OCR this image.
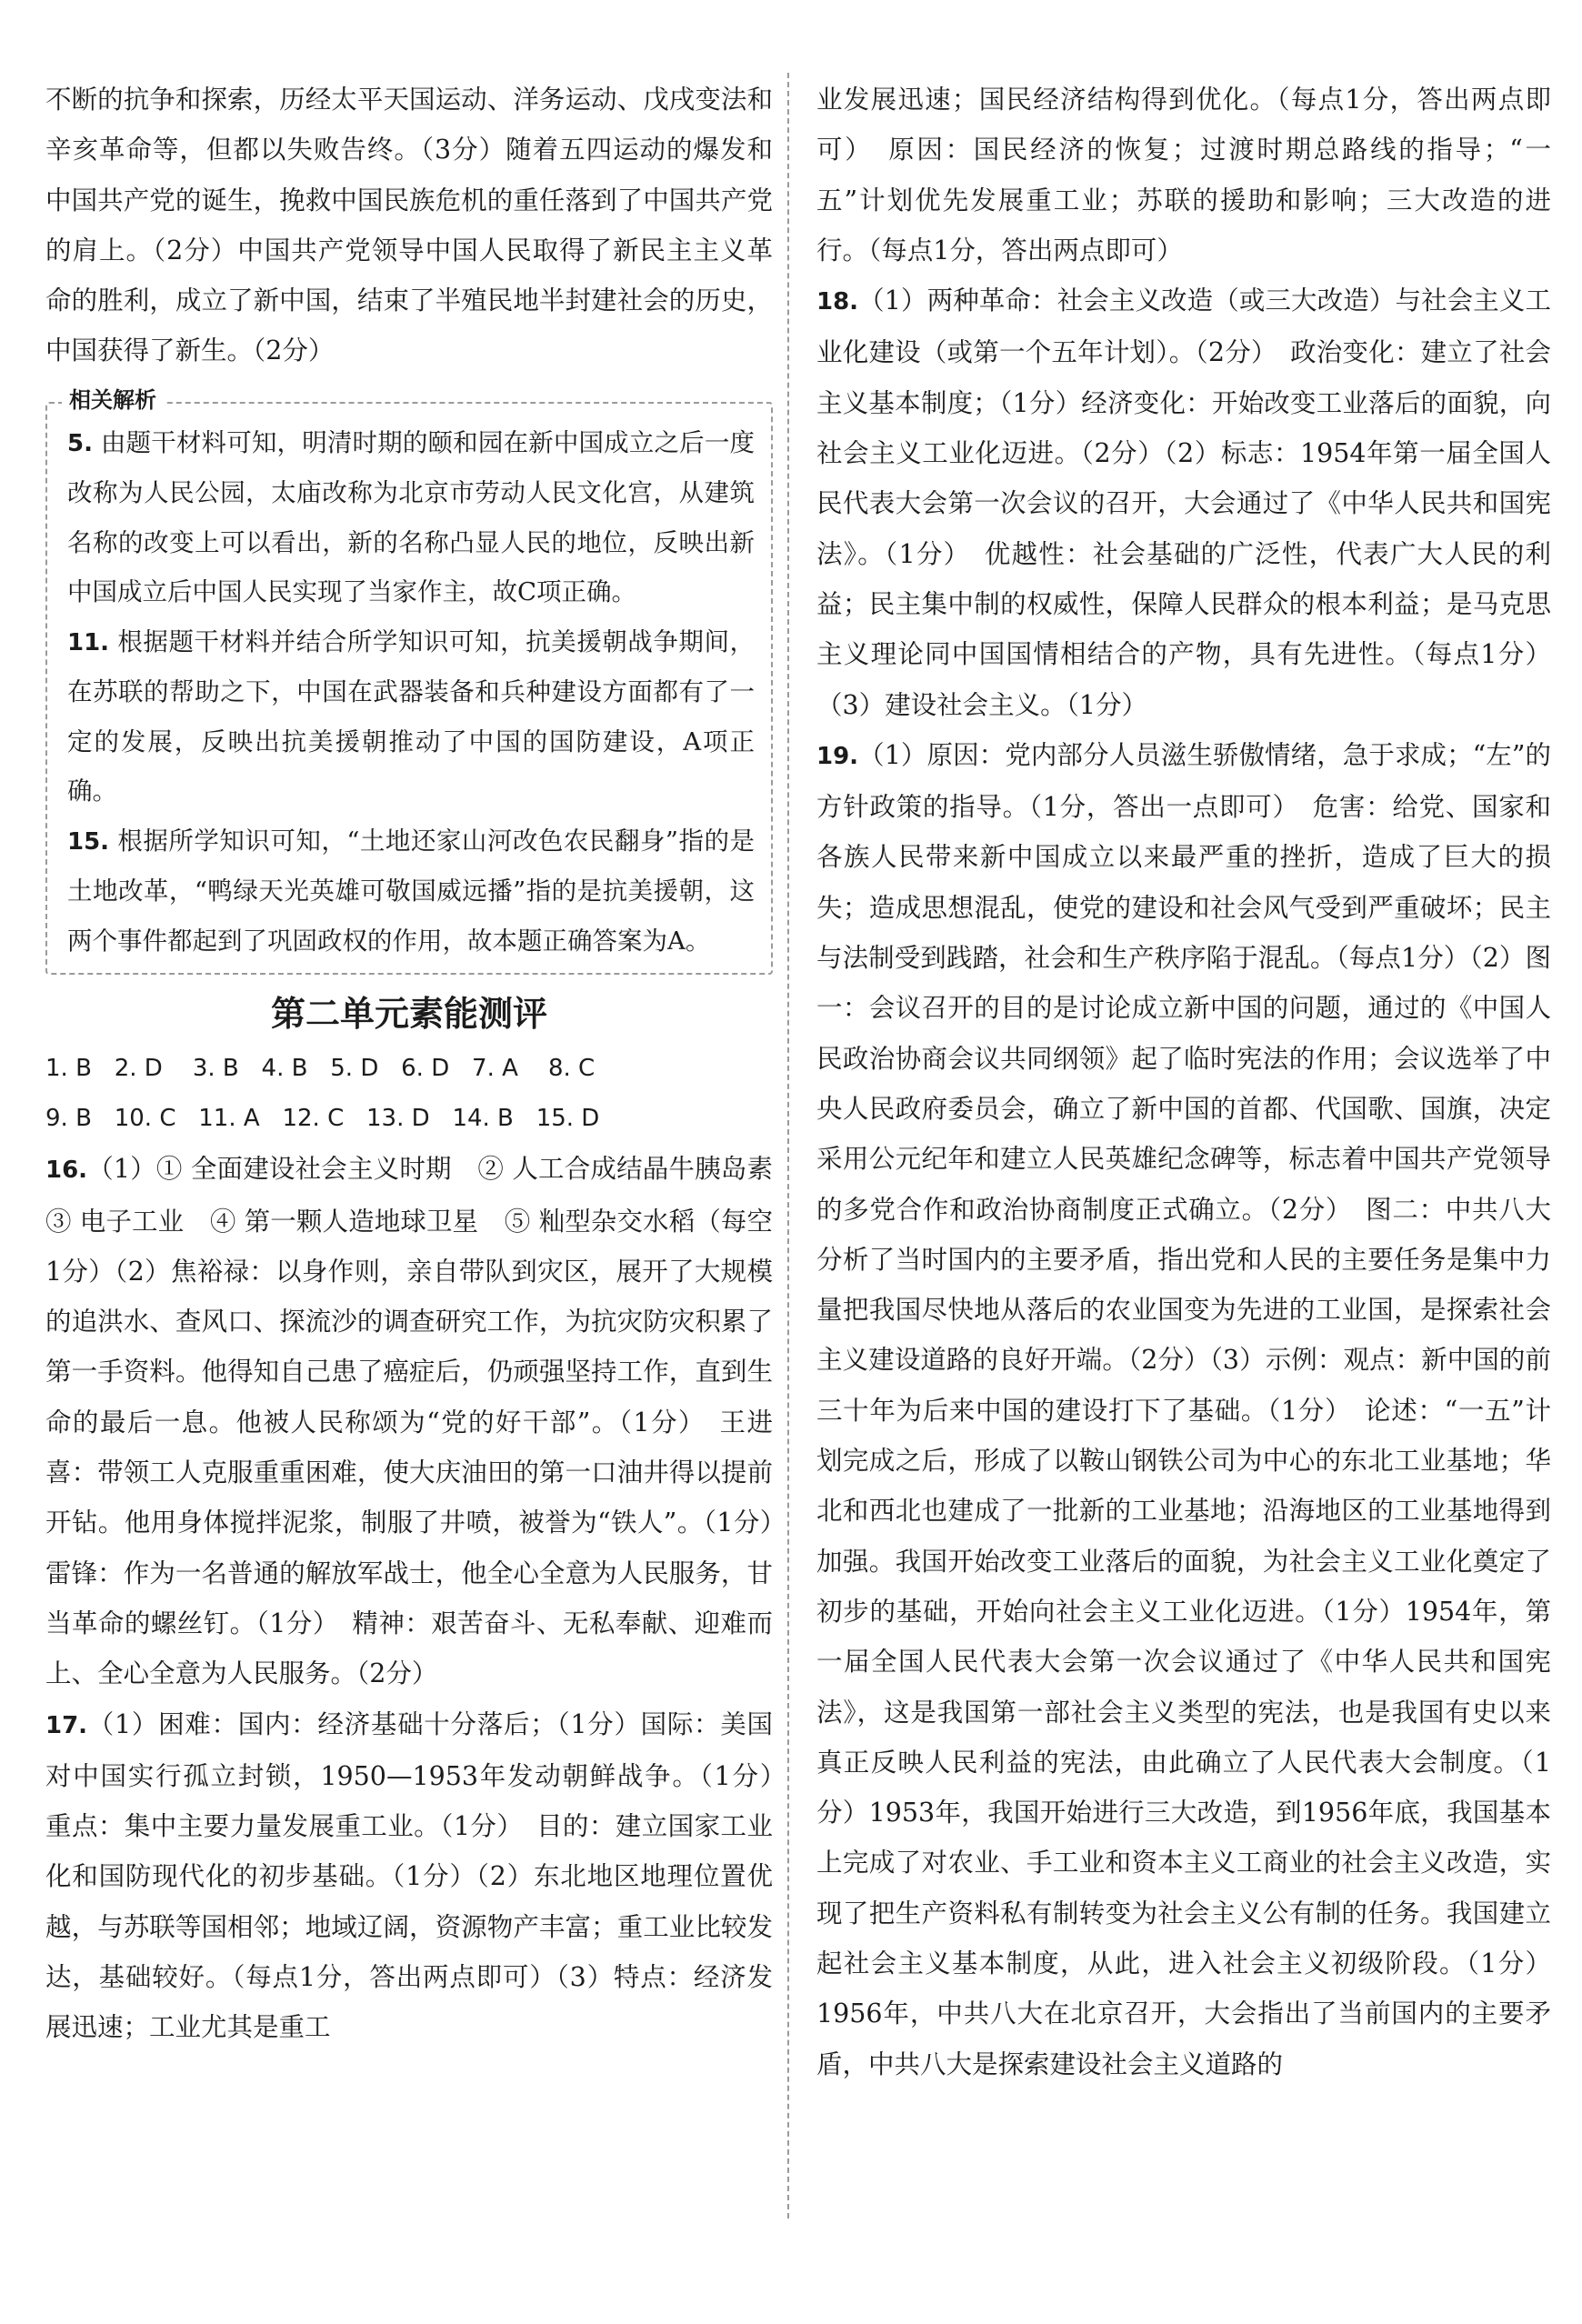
不断的抗争和探索，历经太平天国运动、洋务运动、戊戌变法和辛亥革命等，但都以失败告终。（3分）随着五四运动的爆发和中国共产党的诞生，挽救中国民族危机的重任落到了中国共产党的肩上。（2分）中国共产党领导中国人民取得了新民主主义革命的胜利，成立了新中国，结束了半殖民地半封建社会的历史，中国获得了新生。（2分）

相关解析

5. 由题干材料可知，明清时期的颐和园在新中国成立之后一度改称为人民公园，太庙改称为北京市劳动人民文化宫，从建筑名称的改变上可以看出，新的名称凸显人民的地位，反映出新中国成立后中国人民实现了当家作主，故C项正确。

11. 根据题干材料并结合所学知识可知，抗美援朝战争期间，在苏联的帮助之下，中国在武器装备和兵种建设方面都有了一定的发展，反映出抗美援朝推动了中国的国防建设，A项正确。

15. 根据所学知识可知，“土地还家山河改色农民翻身”指的是土地改革，“鸭绿天光英雄可敬国威远播”指的是抗美援朝，这两个事件都起到了巩固政权的作用，故本题正确答案为A。

第二单元素能测评
1. B   2. D    3. B   4. B   5. D   6. D   7. A    8. C
9. B   10. C   11. A   12. C   13. D   14. B   15. D

16.（1）① 全面建设社会主义时期　② 人工合成结晶牛胰岛素　③ 电子工业　④ 第一颗人造地球卫星　⑤ 籼型杂交水稻（每空1分）（2）焦裕禄：以身作则，亲自带队到灾区，展开了大规模的追洪水、查风口、探流沙的调查研究工作，为抗灾防灾积累了第一手资料。他得知自己患了癌症后，仍顽强坚持工作，直到生命的最后一息。他被人民称颂为“党的好干部”。（1分）　王进喜：带领工人克服重重困难，使大庆油田的第一口油井得以提前开钻。他用身体搅拌泥浆，制服了井喷，被誉为“铁人”。（1分）　雷锋：作为一名普通的解放军战士，他全心全意为人民服务，甘当革命的螺丝钉。（1分）　精神：艰苦奋斗、无私奉献、迎难而上、全心全意为人民服务。（2分）

17.（1）困难：国内：经济基础十分落后；（1分）国际：美国对中国实行孤立封锁，1950—1953年发动朝鲜战争。（1分）　重点：集中主要力量发展重工业。（1分）　目的：建立国家工业化和国防现代化的初步基础。（1分）（2）东北地区地理位置优越，与苏联等国相邻；地域辽阔，资源物产丰富；重工业比较发达，基础较好。（每点1分，答出两点即可）（3）特点：经济发展迅速；工业尤其是重工

业发展迅速；国民经济结构得到优化。（每点1分，答出两点即可）　原因：国民经济的恢复；过渡时期总路线的指导；“一五”计划优先发展重工业；苏联的援助和影响；三大改造的进行。（每点1分，答出两点即可）

18.（1）两种革命：社会主义改造（或三大改造）与社会主义工业化建设（或第一个五年计划）。（2分）　政治变化：建立了社会主义基本制度；（1分）经济变化：开始改变工业落后的面貌，向社会主义工业化迈进。（2分）（2）标志：1954年第一届全国人民代表大会第一次会议的召开，大会通过了《中华人民共和国宪法》。（1分）　优越性：社会基础的广泛性，代表广大人民的利益；民主集中制的权威性，保障人民群众的根本利益；是马克思主义理论同中国国情相结合的产物，具有先进性。（每点1分）（3）建设社会主义。（1分）

19.（1）原因：党内部分人员滋生骄傲情绪，急于求成；“左”的方针政策的指导。（1分，答出一点即可）　危害：给党、国家和各族人民带来新中国成立以来最严重的挫折，造成了巨大的损失；造成思想混乱，使党的建设和社会风气受到严重破坏；民主与法制受到践踏，社会和生产秩序陷于混乱。（每点1分）（2）图一：会议召开的目的是讨论成立新中国的问题，通过的《中国人民政治协商会议共同纲领》起了临时宪法的作用；会议选举了中央人民政府委员会，确立了新中国的首都、代国歌、国旗，决定采用公元纪年和建立人民英雄纪念碑等，标志着中国共产党领导的多党合作和政治协商制度正式确立。（2分）　图二：中共八大分析了当时国内的主要矛盾，指出党和人民的主要任务是集中力量把我国尽快地从落后的农业国变为先进的工业国，是探索社会主义建设道路的良好开端。（2分）（3）示例：观点：新中国的前三十年为后来中国的建设打下了基础。（1分）　论述：“一五”计划完成之后，形成了以鞍山钢铁公司为中心的东北工业基地；华北和西北也建成了一批新的工业基地；沿海地区的工业基地得到加强。我国开始改变工业落后的面貌，为社会主义工业化奠定了初步的基础，开始向社会主义工业化迈进。（1分）1954年，第一届全国人民代表大会第一次会议通过了《中华人民共和国宪法》，这是我国第一部社会主义类型的宪法，也是我国有史以来真正反映人民利益的宪法，由此确立了人民代表大会制度。（1分）1953年，我国开始进行三大改造，到1956年底，我国基本上完成了对农业、手工业和资本主义工商业的社会主义改造，实现了把生产资料私有制转变为社会主义公有制的任务。我国建立起社会主义基本制度，从此，进入社会主义初级阶段。（1分）1956年，中共八大在北京召开，大会指出了当前国内的主要矛盾，中共八大是探索建设社会主义道路的
